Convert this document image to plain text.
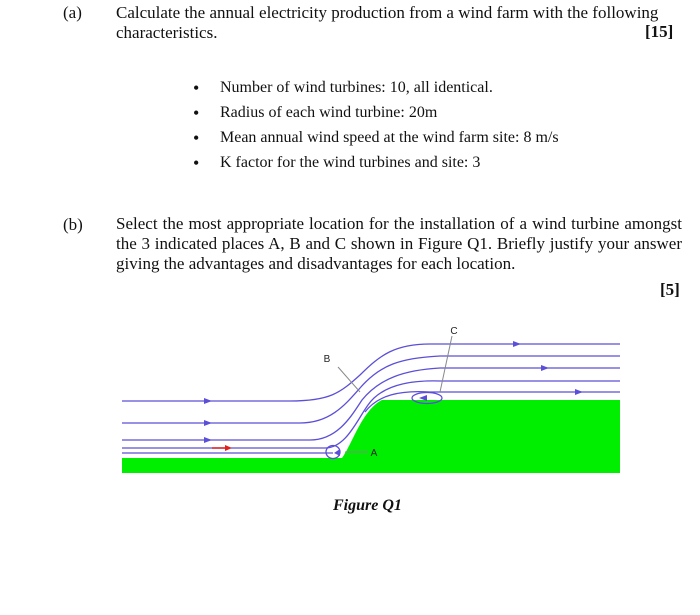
(a) Calculate the annual electricity production from a wind farm with the following characteristics.	[15]
• Number of wind turbines: 10, all identical.
• Radius of each wind turbine: 20m
• Mean annual wind speed at the wind farm site: 8 m/s
• K factor for the wind turbines and site: 3
(b) Select the most appropriate location for the installation of a wind turbine amongst the 3 indicated places A, B and C shown in Figure Q1. Briefly justify your answer giving the advantages and disadvantages for each location.
[5]
B
A
C
Figure Q1
